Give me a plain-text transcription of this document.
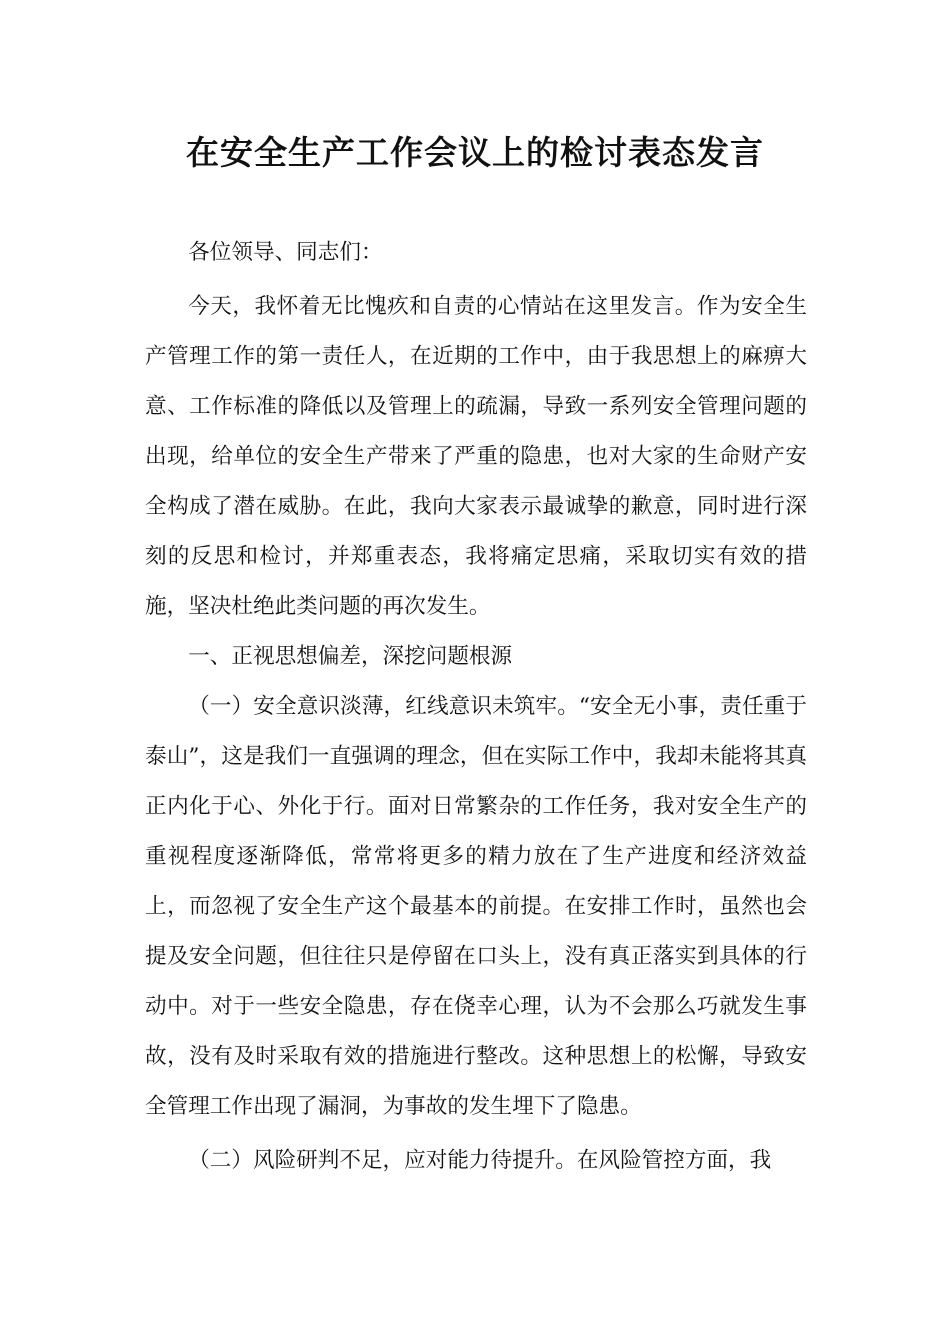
在安全生产工作会议上的检讨表态发言

各位领导、同志们：

今天，我怀着无比愧疚和自责的心情站在这里发言。作为安全生产管理工作的第一责任人，在近期的工作中，由于我思想上的麻痹大意、工作标准的降低以及管理上的疏漏，导致一系列安全管理问题的出现，给单位的安全生产带来了严重的隐患，也对大家的生命财产安全构成了潜在威胁。在此，我向大家表示最诚挚的歉意，同时进行深刻的反思和检讨，并郑重表态，我将痛定思痛，采取切实有效的措施，坚决杜绝此类问题的再次发生。

一、正视思想偏差，深挖问题根源

（一）安全意识淡薄，红线意识未筑牢。“安全无小事，责任重于泰山”，这是我们一直强调的理念，但在实际工作中，我却未能将其真正内化于心、外化于行。面对日常繁杂的工作任务，我对安全生产的重视程度逐渐降低，常常将更多的精力放在了生产进度和经济效益上，而忽视了安全生产这个最基本的前提。在安排工作时，虽然也会提及安全问题，但往往只是停留在口头上，没有真正落实到具体的行动中。对于一些安全隐患，存在侥幸心理，认为不会那么巧就发生事故，没有及时采取有效的措施进行整改。这种思想上的松懈，导致安全管理工作出现了漏洞，为事故的发生埋下了隐患。

（二）风险研判不足，应对能力待提升。在风险管控方面，我
